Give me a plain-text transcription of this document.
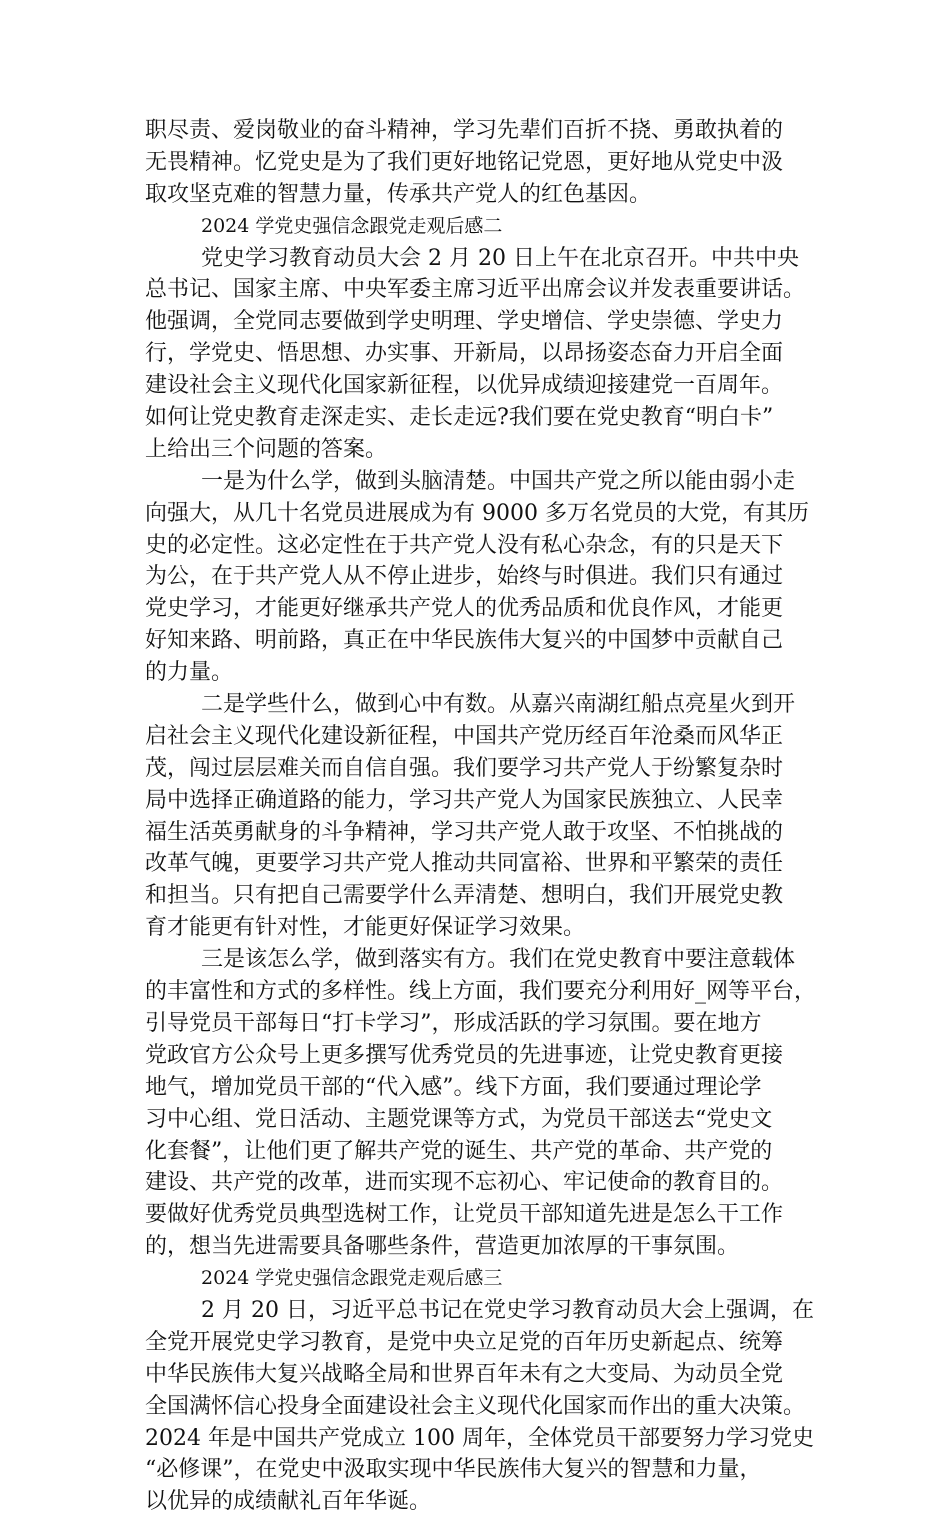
职尽责、爱岗敬业的奋斗精神，学习先辈们百折不挠、勇敢执着的
无畏精神。忆党史是为了我们更好地铭记党恩，更好地从党史中汲
取攻坚克难的智慧力量，传承共产党人的红色基因。
2024 学党史强信念跟党走观后感二
党史学习教育动员大会 2 月 20 日上午在北京召开。中共中央
总书记、国家主席、中央军委主席习近平出席会议并发表重要讲话。
他强调，全党同志要做到学史明理、学史增信、学史崇德、学史力
行，学党史、悟思想、办实事、开新局，以昂扬姿态奋力开启全面
建设社会主义现代化国家新征程，以优异成绩迎接建党一百周年。
如何让党史教育走深走实、走长走远?我们要在党史教育“明白卡”
上给出三个问题的答案。
一是为什么学，做到头脑清楚。中国共产党之所以能由弱小走
向强大，从几十名党员进展成为有 9000 多万名党员的大党，有其历
史的必定性。这必定性在于共产党人没有私心杂念，有的只是天下
为公，在于共产党人从不停止进步，始终与时俱进。我们只有通过
党史学习，才能更好继承共产党人的优秀品质和优良作风，才能更
好知来路、明前路，真正在中华民族伟大复兴的中国梦中贡献自己
的力量。
二是学些什么，做到心中有数。从嘉兴南湖红船点亮星火到开
启社会主义现代化建设新征程，中国共产党历经百年沧桑而风华正
茂，闯过层层难关而自信自强。我们要学习共产党人于纷繁复杂时
局中选择正确道路的能力，学习共产党人为国家民族独立、人民幸
福生活英勇献身的斗争精神，学习共产党人敢于攻坚、不怕挑战的
改革气魄，更要学习共产党人推动共同富裕、世界和平繁荣的责任
和担当。只有把自己需要学什么弄清楚、想明白，我们开展党史教
育才能更有针对性，才能更好保证学习效果。
三是该怎么学，做到落实有方。我们在党史教育中要注意载体
的丰富性和方式的多样性。线上方面，我们要充分利用好_网等平台，
引导党员干部每日“打卡学习”，形成活跃的学习氛围。要在地方
党政官方公众号上更多撰写优秀党员的先进事迹，让党史教育更接
地气，增加党员干部的“代入感”。线下方面，我们要通过理论学
习中心组、党日活动、主题党课等方式，为党员干部送去“党史文
化套餐”，让他们更了解共产党的诞生、共产党的革命、共产党的
建设、共产党的改革，进而实现不忘初心、牢记使命的教育目的。
要做好优秀党员典型选树工作，让党员干部知道先进是怎么干工作
的，想当先进需要具备哪些条件，营造更加浓厚的干事氛围。
2024 学党史强信念跟党走观后感三
2 月 20 日，习近平总书记在党史学习教育动员大会上强调，在
全党开展党史学习教育，是党中央立足党的百年历史新起点、统筹
中华民族伟大复兴战略全局和世界百年未有之大变局、为动员全党
全国满怀信心投身全面建设社会主义现代化国家而作出的重大决策。
2024 年是中国共产党成立 100 周年，全体党员干部要努力学习党史
“必修课”，在党史中汲取实现中华民族伟大复兴的智慧和力量，
以优异的成绩献礼百年华诞。
